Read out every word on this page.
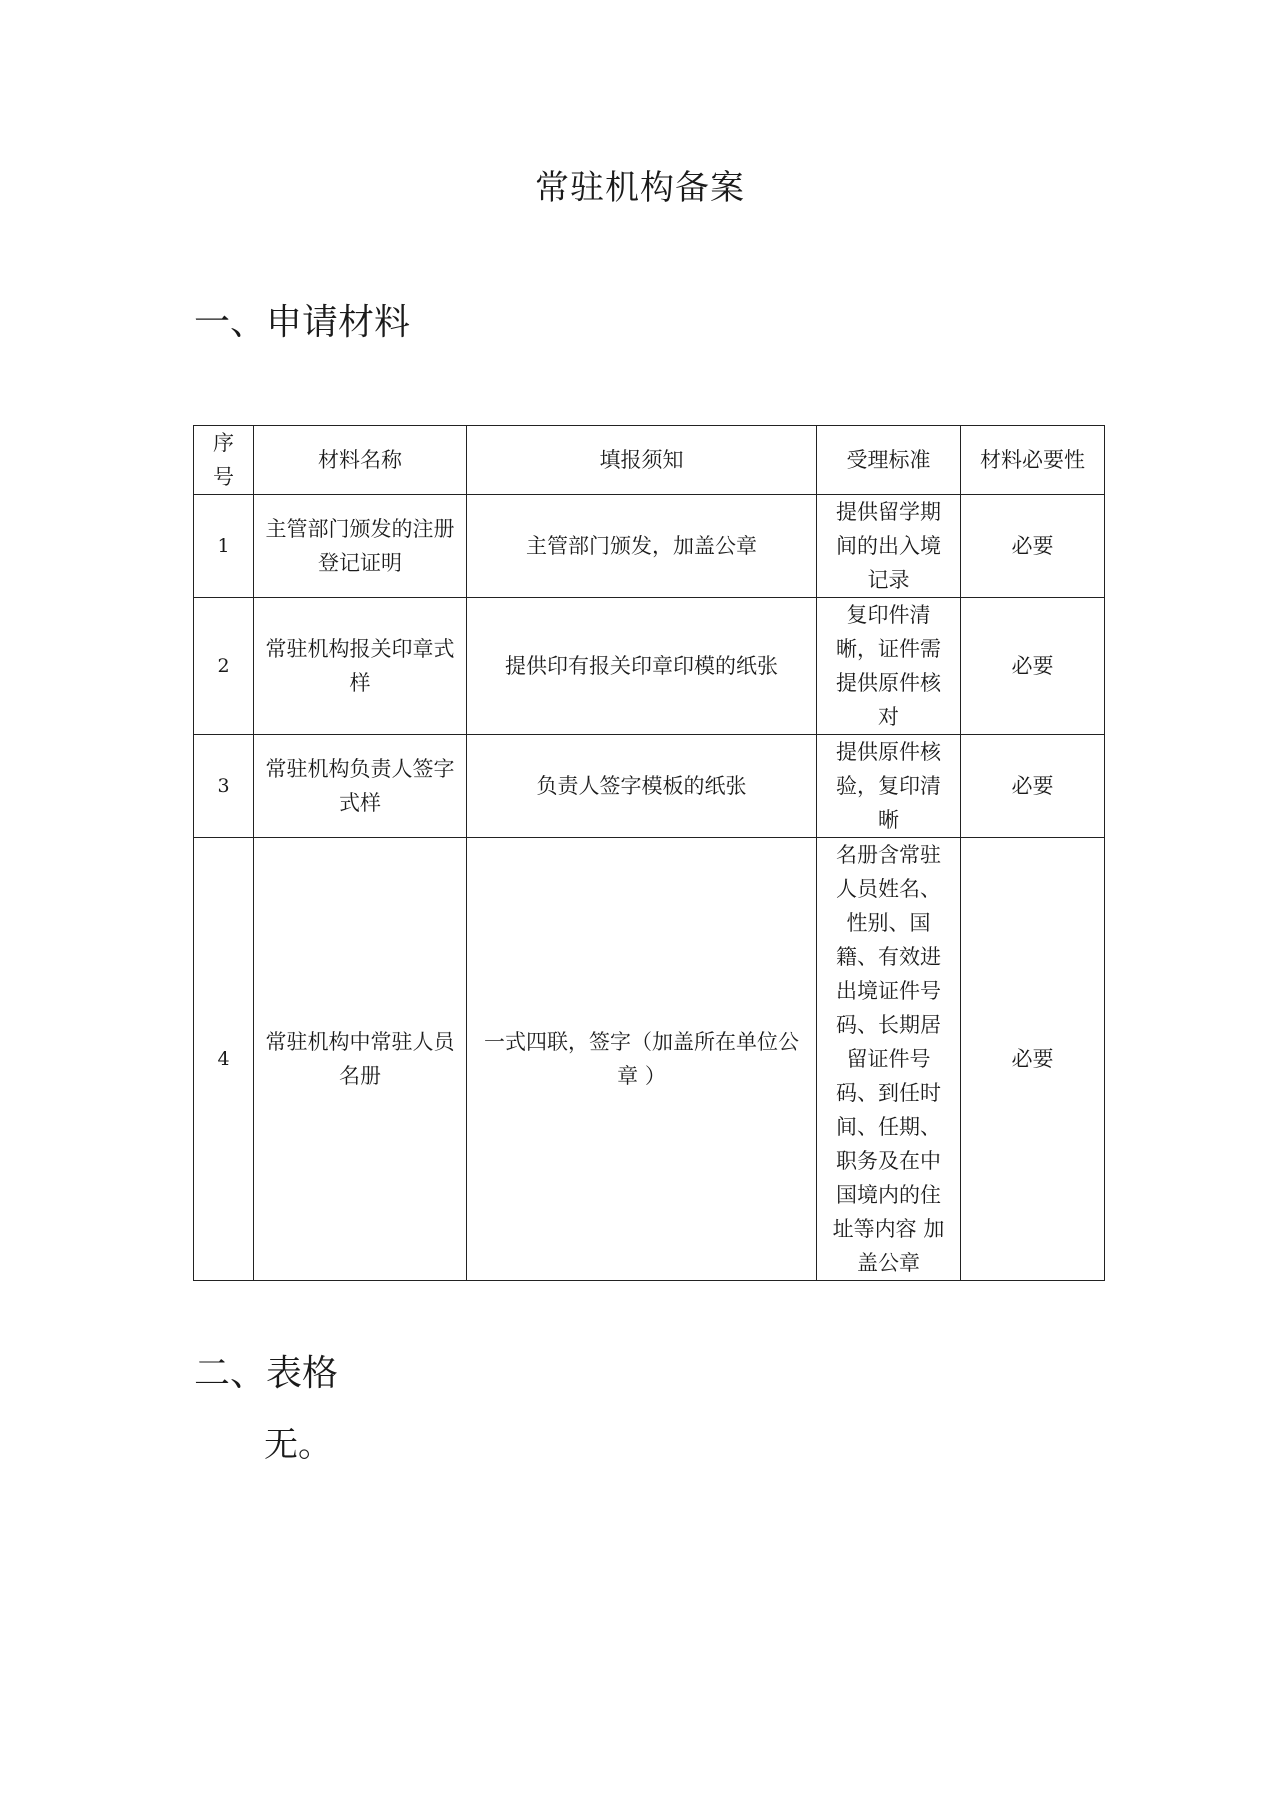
常驻机构备案
一、申请材料
序号	材料名称	填报须知	受理标准	材料必要性
1	主管部门颁发的注册登记证明	主管部门颁发，加盖公章	提供留学期间的出入境记录	必要
2	常驻机构报关印章式样	提供印有报关印章印模的纸张	复印件清晰，证件需提供原件核对	必要
3	常驻机构负责人签字式样	负责人签字模板的纸张	提供原件核验，复印清晰	必要
4	常驻机构中常驻人员名册	一式四联，签字（加盖所在单位公章 ）	名册含常驻人员姓名、性别、国籍、有效进出境证件号码、长期居留证件号码、到任时间、任期、职务及在中国境内的住址等内容 加盖公章	必要
二、表格
无。
